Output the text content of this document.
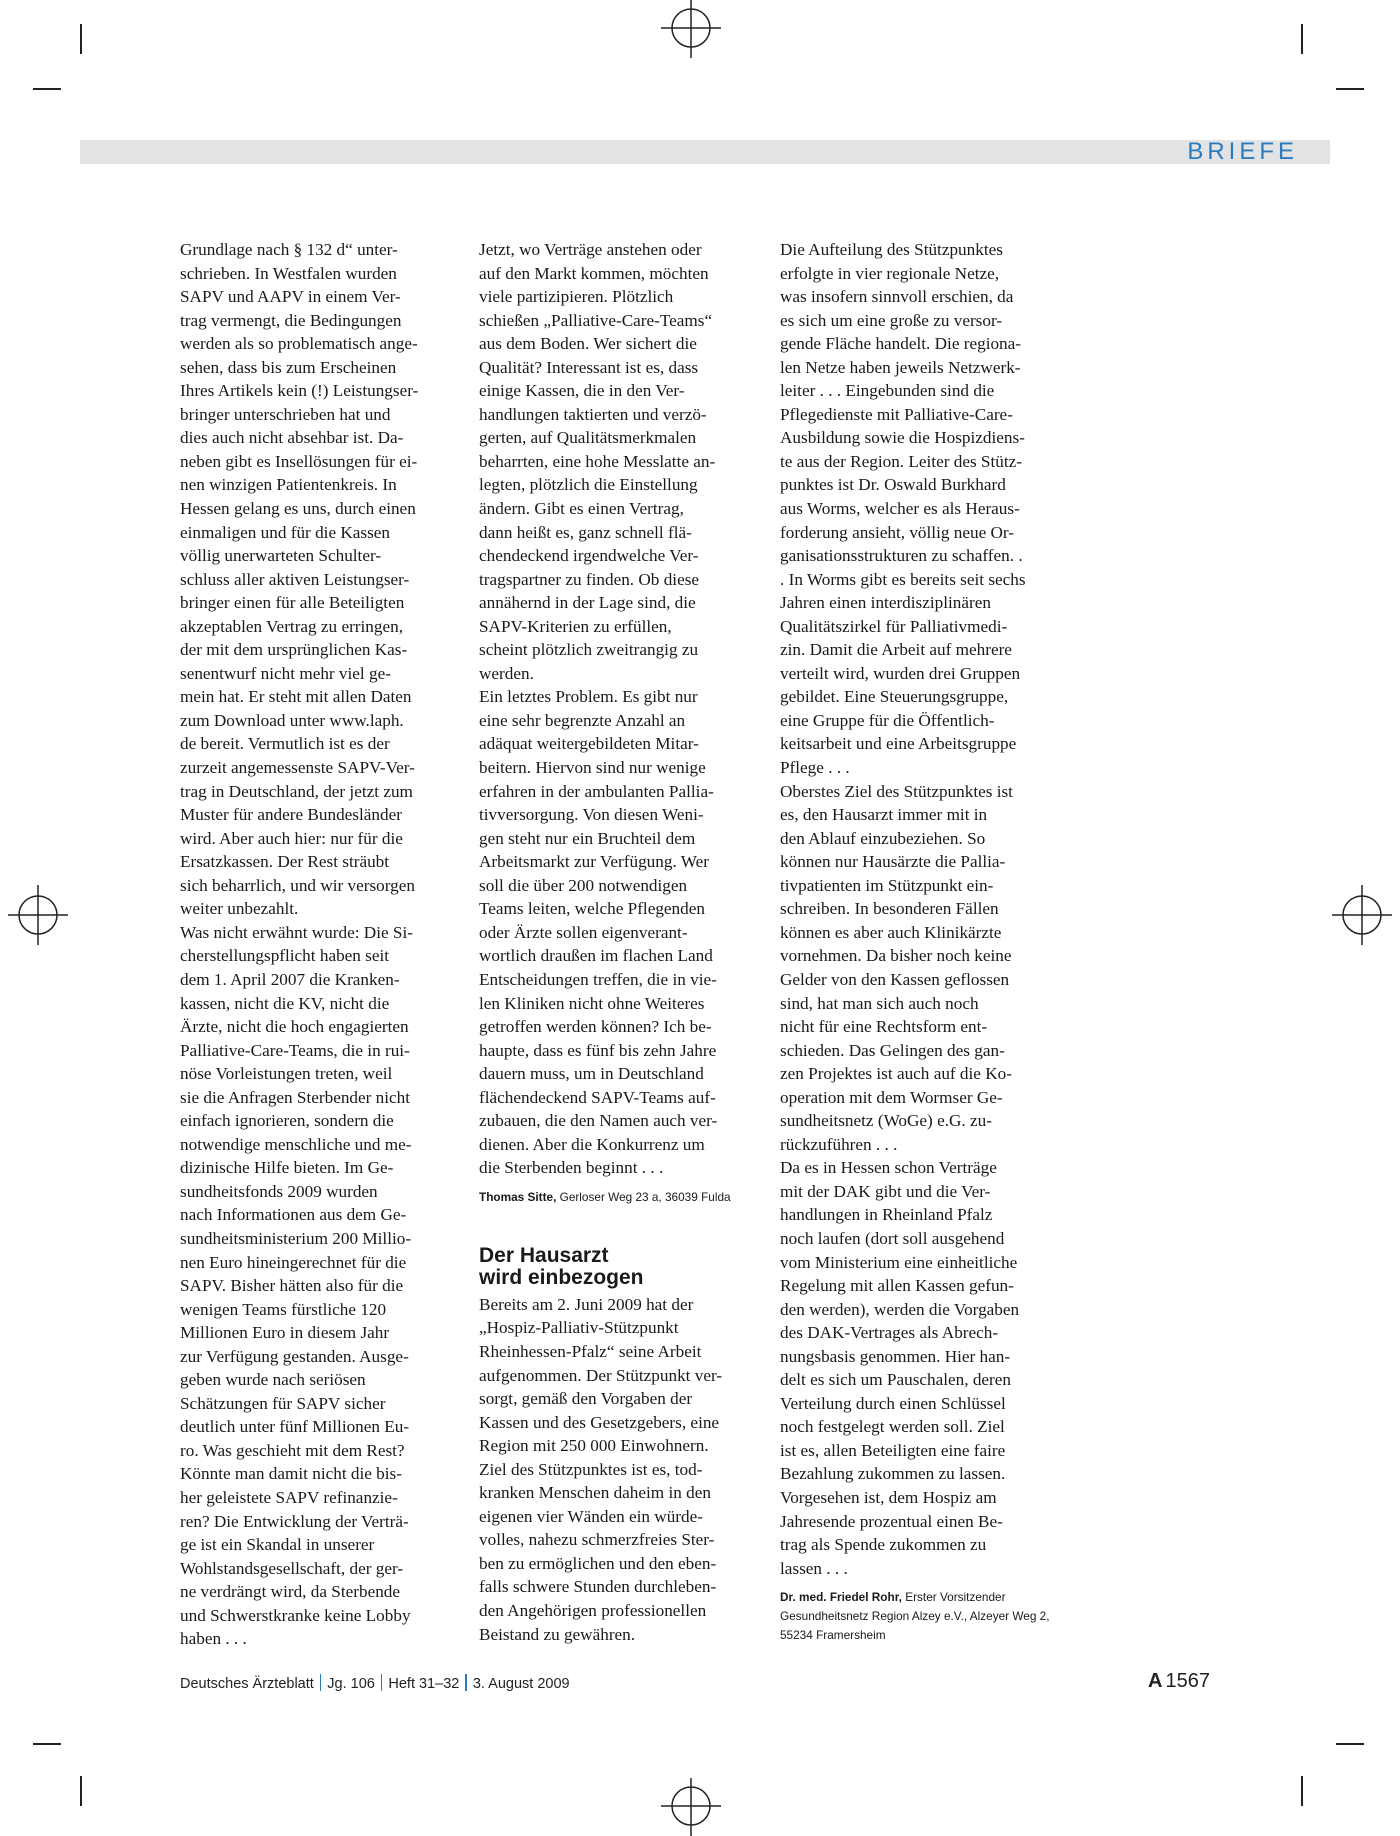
BRIEFE

Grundlage nach § 132 d“ unter-

schrieben. In Westfalen wurden

SAPV und AAPV in einem Ver-

trag vermengt, die Bedingungen

werden als so problematisch ange-

sehen, dass bis zum Erscheinen

Ihres Artikels kein (!) Leistungser-

bringer unterschrieben hat und

dies auch nicht absehbar ist. Da-

neben gibt es Insellösungen für ei-

nen winzigen Patientenkreis. In

Hessen gelang es uns, durch einen

einmaligen und für die Kassen

völlig unerwarteten Schulter-

schluss aller aktiven Leistungser-

bringer einen für alle Beteiligten

akzeptablen Vertrag zu erringen,

der mit dem ursprünglichen Kas-

senentwurf nicht mehr viel ge-

mein hat. Er steht mit allen Daten

zum Download unter www.laph.

de bereit. Vermutlich ist es der

zurzeit angemessenste SAPV-Ver-

trag in Deutschland, der jetzt zum

Muster für andere Bundesländer

wird. Aber auch hier: nur für die

Ersatzkassen. Der Rest sträubt

sich beharrlich, und wir versorgen

weiter unbezahlt.

Was nicht erwähnt wurde: Die Si-

cherstellungspflicht haben seit

dem 1. April 2007 die Kranken-

kassen, nicht die KV, nicht die

Ärzte, nicht die hoch engagierten

Palliative-Care-Teams, die in rui-

nöse Vorleistungen treten, weil

sie die Anfragen Sterbender nicht

einfach ignorieren, sondern die

notwendige menschliche und me-

dizinische Hilfe bieten. Im Ge-

sundheitsfonds 2009 wurden

nach Informationen aus dem Ge-

sundheitsministerium 200 Millio-

nen Euro hineingerechnet für die

SAPV. Bisher hätten also für die

wenigen Teams fürstliche 120

Millionen Euro in diesem Jahr

zur Verfügung gestanden. Ausge-

geben wurde nach seriösen

Schätzungen für SAPV sicher

deutlich unter fünf Millionen Eu-

ro. Was geschieht mit dem Rest?

Könnte man damit nicht die bis-

her geleistete SAPV refinanzie-

ren? Die Entwicklung der Verträ-

ge ist ein Skandal in unserer

Wohlstandsgesellschaft, der ger-

ne verdrängt wird, da Sterbende

und Schwerstkranke keine Lobby

haben . . .

Jetzt, wo Verträge anstehen oder

auf den Markt kommen, möchten

viele partizipieren. Plötzlich

schießen „Palliative-Care-Teams“

aus dem Boden. Wer sichert die

Qualität? Interessant ist es, dass

einige Kassen, die in den Ver-

handlungen taktierten und verzö-

gerten, auf Qualitätsmerkmalen

beharrten, eine hohe Messlatte an-

legten, plötzlich die Einstellung

ändern. Gibt es einen Vertrag,

dann heißt es, ganz schnell flä-

chendeckend irgendwelche Ver-

tragspartner zu finden. Ob diese

annähernd in der Lage sind, die

SAPV-Kriterien zu erfüllen,

scheint plötzlich zweitrangig zu

werden.

Ein letztes Problem. Es gibt nur

eine sehr begrenzte Anzahl an

adäquat weitergebildeten Mitar-

beitern. Hiervon sind nur wenige

erfahren in der ambulanten Pallia-

tivversorgung. Von diesen Weni-

gen steht nur ein Bruchteil dem

Arbeitsmarkt zur Verfügung. Wer

soll die über 200 notwendigen

Teams leiten, welche Pflegenden

oder Ärzte sollen eigenverant-

wortlich draußen im flachen Land

Entscheidungen treffen, die in vie-

len Kliniken nicht ohne Weiteres

getroffen werden können? Ich be-

haupte, dass es fünf bis zehn Jahre

dauern muss, um in Deutschland

flächendeckend SAPV-Teams auf-

zubauen, die den Namen auch ver-

dienen. Aber die Konkurrenz um

die Sterbenden beginnt . . .

Thomas Sitte, Gerloser Weg 23 a, 36039 Fulda
Der Hausarzt
wird einbezogen

Bereits am 2. Juni 2009 hat der

„Hospiz-Palliativ-Stützpunkt

Rheinhessen-Pfalz“ seine Arbeit

aufgenommen. Der Stützpunkt ver-

sorgt, gemäß den Vorgaben der

Kassen und des Gesetzgebers, eine

Region mit 250 000 Einwohnern.

Ziel des Stützpunktes ist es, tod-

kranken Menschen daheim in den

eigenen vier Wänden ein würde-

volles, nahezu schmerzfreies Ster-

ben zu ermöglichen und den eben-

falls schwere Stunden durchleben-

den Angehörigen professionellen

Beistand zu gewähren.

Die Aufteilung des Stützpunktes

erfolgte in vier regionale Netze,

was insofern sinnvoll erschien, da

es sich um eine große zu versor-

gende Fläche handelt. Die regiona-

len Netze haben jeweils Netzwerk-

leiter . . . Eingebunden sind die

Pflegedienste mit Palliative-Care-

Ausbildung sowie die Hospizdiens-

te aus der Region. Leiter des Stütz-

punktes ist Dr. Oswald Burkhard

aus Worms, welcher es als Heraus-

forderung ansieht, völlig neue Or-

ganisationsstrukturen zu schaffen. .

. In Worms gibt es bereits seit sechs

Jahren einen interdisziplinären

Qualitätszirkel für Palliativmedi-

zin. Damit die Arbeit auf mehrere

verteilt wird, wurden drei Gruppen

gebildet. Eine Steuerungsgruppe,

eine Gruppe für die Öffentlich-

keitsarbeit und eine Arbeitsgruppe

Pflege . . .

Oberstes Ziel des Stützpunktes ist

es, den Hausarzt immer mit in

den Ablauf einzubeziehen. So

können nur Hausärzte die Pallia-

tivpatienten im Stützpunkt ein-

schreiben. In besonderen Fällen

können es aber auch Klinikärzte

vornehmen. Da bisher noch keine

Gelder von den Kassen geflossen

sind, hat man sich auch noch

nicht für eine Rechtsform ent-

schieden. Das Gelingen des gan-

zen Projektes ist auch auf die Ko-

operation mit dem Wormser Ge-

sundheitsnetz (WoGe) e.G. zu-

rückzuführen . . .

Da es in Hessen schon Verträge

mit der DAK gibt und die Ver-

handlungen in Rheinland Pfalz

noch laufen (dort soll ausgehend

vom Ministerium eine einheitliche

Regelung mit allen Kassen gefun-

den werden), werden die Vorgaben

des DAK-Vertrages als Abrech-

nungsbasis genommen. Hier han-

delt es sich um Pauschalen, deren

Verteilung durch einen Schlüssel

noch festgelegt werden soll. Ziel

ist es, allen Beteiligten eine faire

Bezahlung zukommen zu lassen.

Vorgesehen ist, dem Hospiz am

Jahresende prozentual einen Be-

trag als Spende zukommen zu

lassen . . .

Dr. med. Friedel Rohr, Erster Vorsitzender
Gesundheitsnetz Region Alzey e.V., Alzeyer Weg 2,
55234 Framersheim
Deutsches Ärzteblatt Jg. 106 Heft 31–32 3. August 2009	A 1567
